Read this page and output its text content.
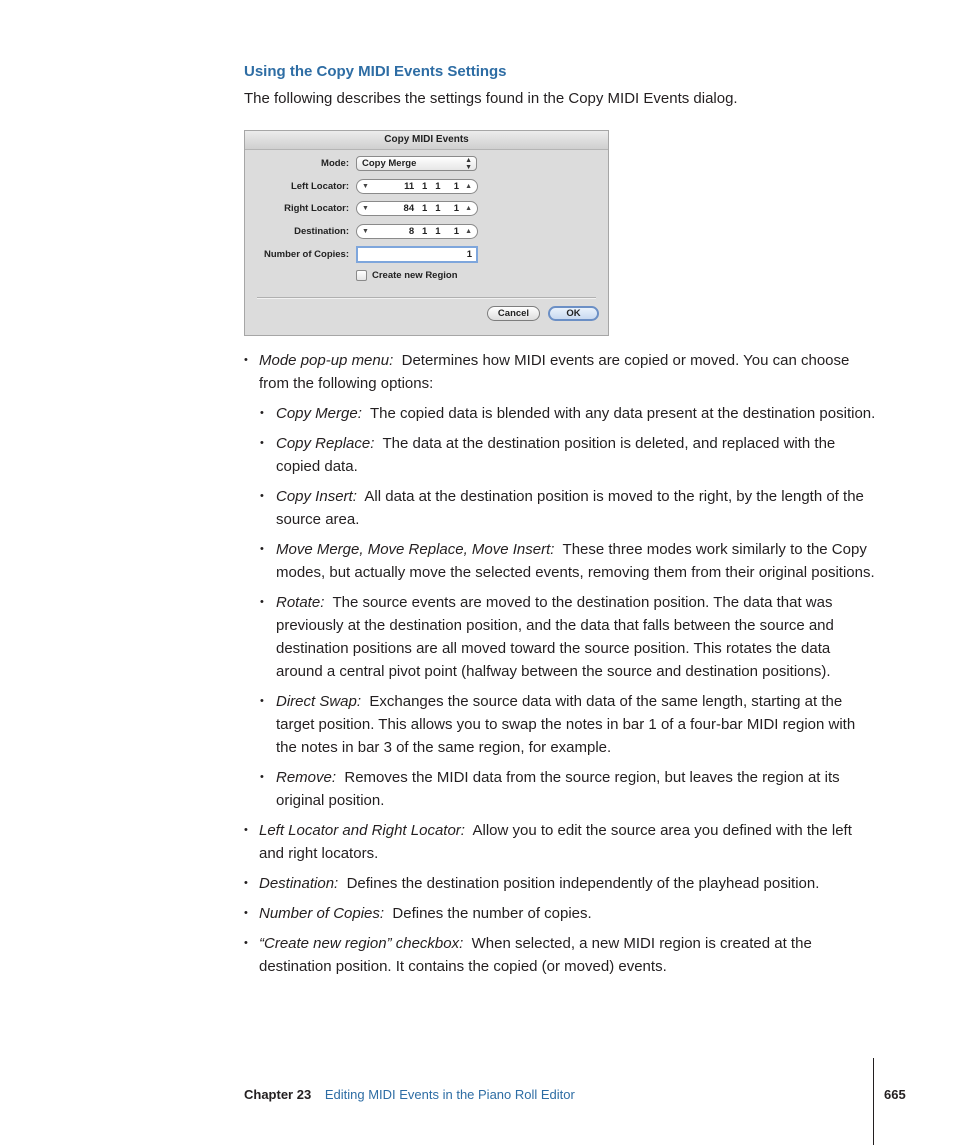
Using the Copy MIDI Events Settings
The following describes the settings found in the Copy MIDI Events dialog.
Copy MIDI Events
Mode:	Copy Merge	▲
▼
Left Locator: ▼	11   1   1     1 ▲
Right Locator: ▼	84   1   1     1 ▲
Destination: ▼	8   1   1     1 ▲
Number of Copies:	1
Create new Region
Cancel	OK
• Mode pop-up menu: Determines how MIDI events are copied or moved. You can choose from the following options:
• Copy Merge: The copied data is blended with any data present at the destination position.
• Copy Replace: The data at the destination position is deleted, and replaced with the copied data.
• Copy Insert: All data at the destination position is moved to the right, by the length of the source area.
• Move Merge, Move Replace, Move Insert: These three modes work similarly to the Copy modes, but actually move the selected events, removing them from their original positions.
• Rotate: The source events are moved to the destination position. The data that was previously at the destination position, and the data that falls between the source and destination positions are all moved toward the source position. This rotates the data around a central pivot point (halfway between the source and destination positions).
• Direct Swap: Exchanges the source data with data of the same length, starting at the target position. This allows you to swap the notes in bar 1 of a four-bar MIDI region with the notes in bar 3 of the same region, for example.
• Remove: Removes the MIDI data from the source region, but leaves the region at its original position.
• Left Locator and Right Locator: Allow you to edit the source area you defined with the left and right locators.
• Destination: Defines the destination position independently of the playhead position.
• Number of Copies: Defines the number of copies.
• “Create new region” checkbox: When selected, a new MIDI region is created at the destination position. It contains the copied (or moved) events.
Chapter 23 Editing MIDI Events in the Piano Roll Editor	665
